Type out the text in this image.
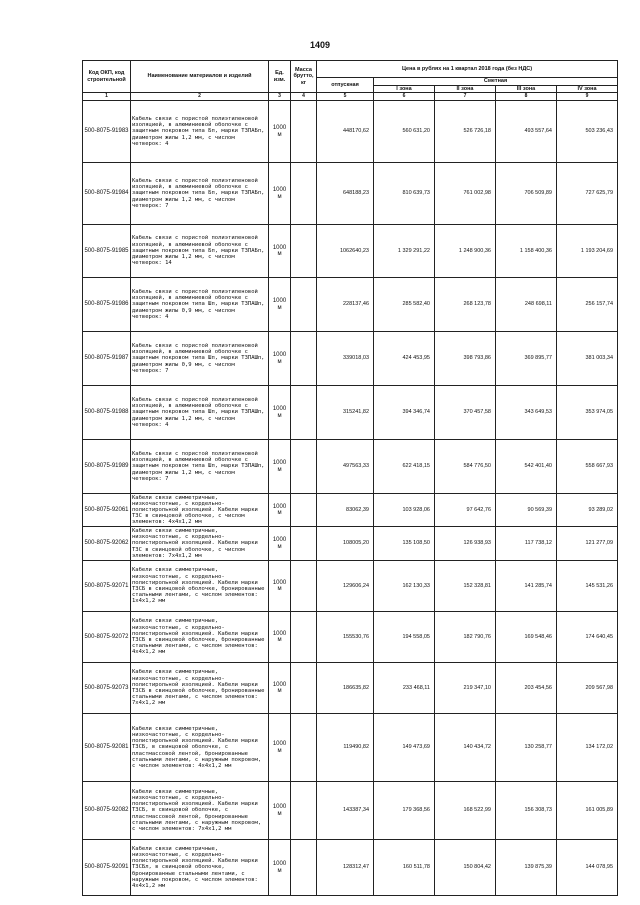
1409
Код ОКП, код строительной	Наименование материалов и изделий	Ед. изм.	Масса брутто, кг	Цена в рублях на 1 квартал 2018 года (без НДС)				
				отпускная	Сметная			
					I зона	II зона	III зона	IV зона
1	2	3	4	5	6	7	8	9
500-8075-91983	Кабель связи с пористой полиэтиленовой изоляцией, в алюминиевой оболочке с защитным покровом типа Бп, марки ТЗПАБп, диаметром жилы 1,2 мм, с числом четверок: 4	1000 м		448170,62	560 631,20	526 726,18	493 557,64	503 236,43
500-8075-91984	Кабель связи с пористой полиэтиленовой изоляцией, в алюминиевой оболочке с защитным покровом типа Бп, марки ТЗПАБп, диаметром жилы 1,2 мм, с числом четверок: 7	1000 м		648188,23	810 639,73	761 002,98	706 509,89	727 625,79
500-8075-91985	Кабель связи с пористой полиэтиленовой изоляцией, в алюминиевой оболочке с защитным покровом типа Бп, марки ТЗПАБп, диаметром жилы 1,2 мм, с числом четверок: 14	1000 м		1062640,23	1 329 291,22	1 248 900,36	1 158 400,36	1 193 204,69
500-8075-91986	Кабель связи с пористой полиэтиленовой изоляцией, в алюминиевой оболочке с защитным покровом типа Шп, марки ТЗПАШп, диаметром жилы 0,9 мм, с числом четверок: 4	1000 м		228137,46	285 582,40	268 123,78	248 698,11	256 157,74
500-8075-91987	Кабель связи с пористой полиэтиленовой изоляцией, в алюминиевой оболочке с защитным покровом типа Шп, марки ТЗПАШп, диаметром жилы 0,9 мм, с числом четверок: 7	1000 м		339018,03	424 453,95	398 793,86	369 895,77	381 003,34
500-8075-91988	Кабель связи с пористой полиэтиленовой изоляцией, в алюминиевой оболочке с защитным покровом типа Шп, марки ТЗПАШп, диаметром жилы 1,2 мм, с числом четверок: 4	1000 м		315241,82	394 346,74	370 457,58	343 649,53	353 974,05
500-8075-91989	Кабель связи с пористой полиэтиленовой изоляцией, в алюминиевой оболочке с защитным покровом типа Шп, марки ТЗПАШп, диаметром жилы 1,2 мм, с числом четверок: 7	1000 м		497563,33	622 418,15	584 776,50	542 401,40	558 667,93
500-8075-92061	Кабели связи симметричные, низкочастотные, с кордельно-полистирольной изоляцией. Кабели марки ТЗС в свинцовой оболочке, с числом элементов: 4х4х1,2 мм	1000 м		83062,39	103 928,06	97 642,76	90 569,39	93 289,02
500-8075-92062	Кабели связи симметричные, низкочастотные, с кордельно-полистирольной изоляцией. Кабели марки ТЗС в свинцовой оболочке, с числом элементов: 7х4х1,2 мм	1000 м		108005,20	135 108,50	126 938,93	117 738,12	121 277,09
500-8075-92071	Кабели связи симметричные, низкочастотные, с кордельно-полистирольной изоляцией. Кабели марки ТЗСБ в свинцовой оболочке, бронированные стальными лентами, с числом элементов: 1х4х1,2 мм	1000 м		129606,24	162 130,33	152 328,81	141 285,74	145 531,26
500-8075-92072	Кабели связи симметричные, низкочастотные, с кордельно-полистирольной изоляцией. Кабели марки ТЗСБ в свинцовой оболочке, бронированные стальными лентами, с числом элементов: 4х4х1,2 мм	1000 м		155530,76	194 558,05	182 790,76	169 548,46	174 640,45
500-8075-92073	Кабели связи симметричные, низкочастотные, с кордельно-полистирольной изоляцией. Кабели марки ТЗСБ в свинцовой оболочке, бронированные стальными лентами, с числом элементов: 7х4х1,2 мм	1000 м		186635,82	233 468,11	219 347,10	203 454,56	209 567,98
500-8075-92081	Кабели связи симметричные, низкочастотные, с кордельно-полистирольной изоляцией. Кабели марки ТЗСБ, в свинцовой оболочке, с пластмассовой лентой, бронированные стальными лентами, с наружным покровом, с числом элементов: 4х4х1,2 мм	1000 м		119490,82	149 473,69	140 434,72	130 258,77	134 172,02
500-8075-92082	Кабели связи симметричные, низкочастотные, с кордельно-полистирольной изоляцией. Кабели марки ТЗСБ, в свинцовой оболочке, с пластмассовой лентой, бронированные стальными лентами, с наружным покровом, с числом элементов: 7х4х1,2 мм	1000 м		143387,34	179 368,56	168 522,99	156 308,73	161 005,89
500-8075-92091	Кабели связи симметричные, низкочастотные, с кордельно-полистирольной изоляцией. Кабели марки ТЗСБл, в свинцовой оболочке, бронированные стальными лентами, с наружным покровом, с числом элементов: 4х4х1,2 мм	1000 м		128312,47	160 511,78	150 804,42	139 875,39	144 078,95
